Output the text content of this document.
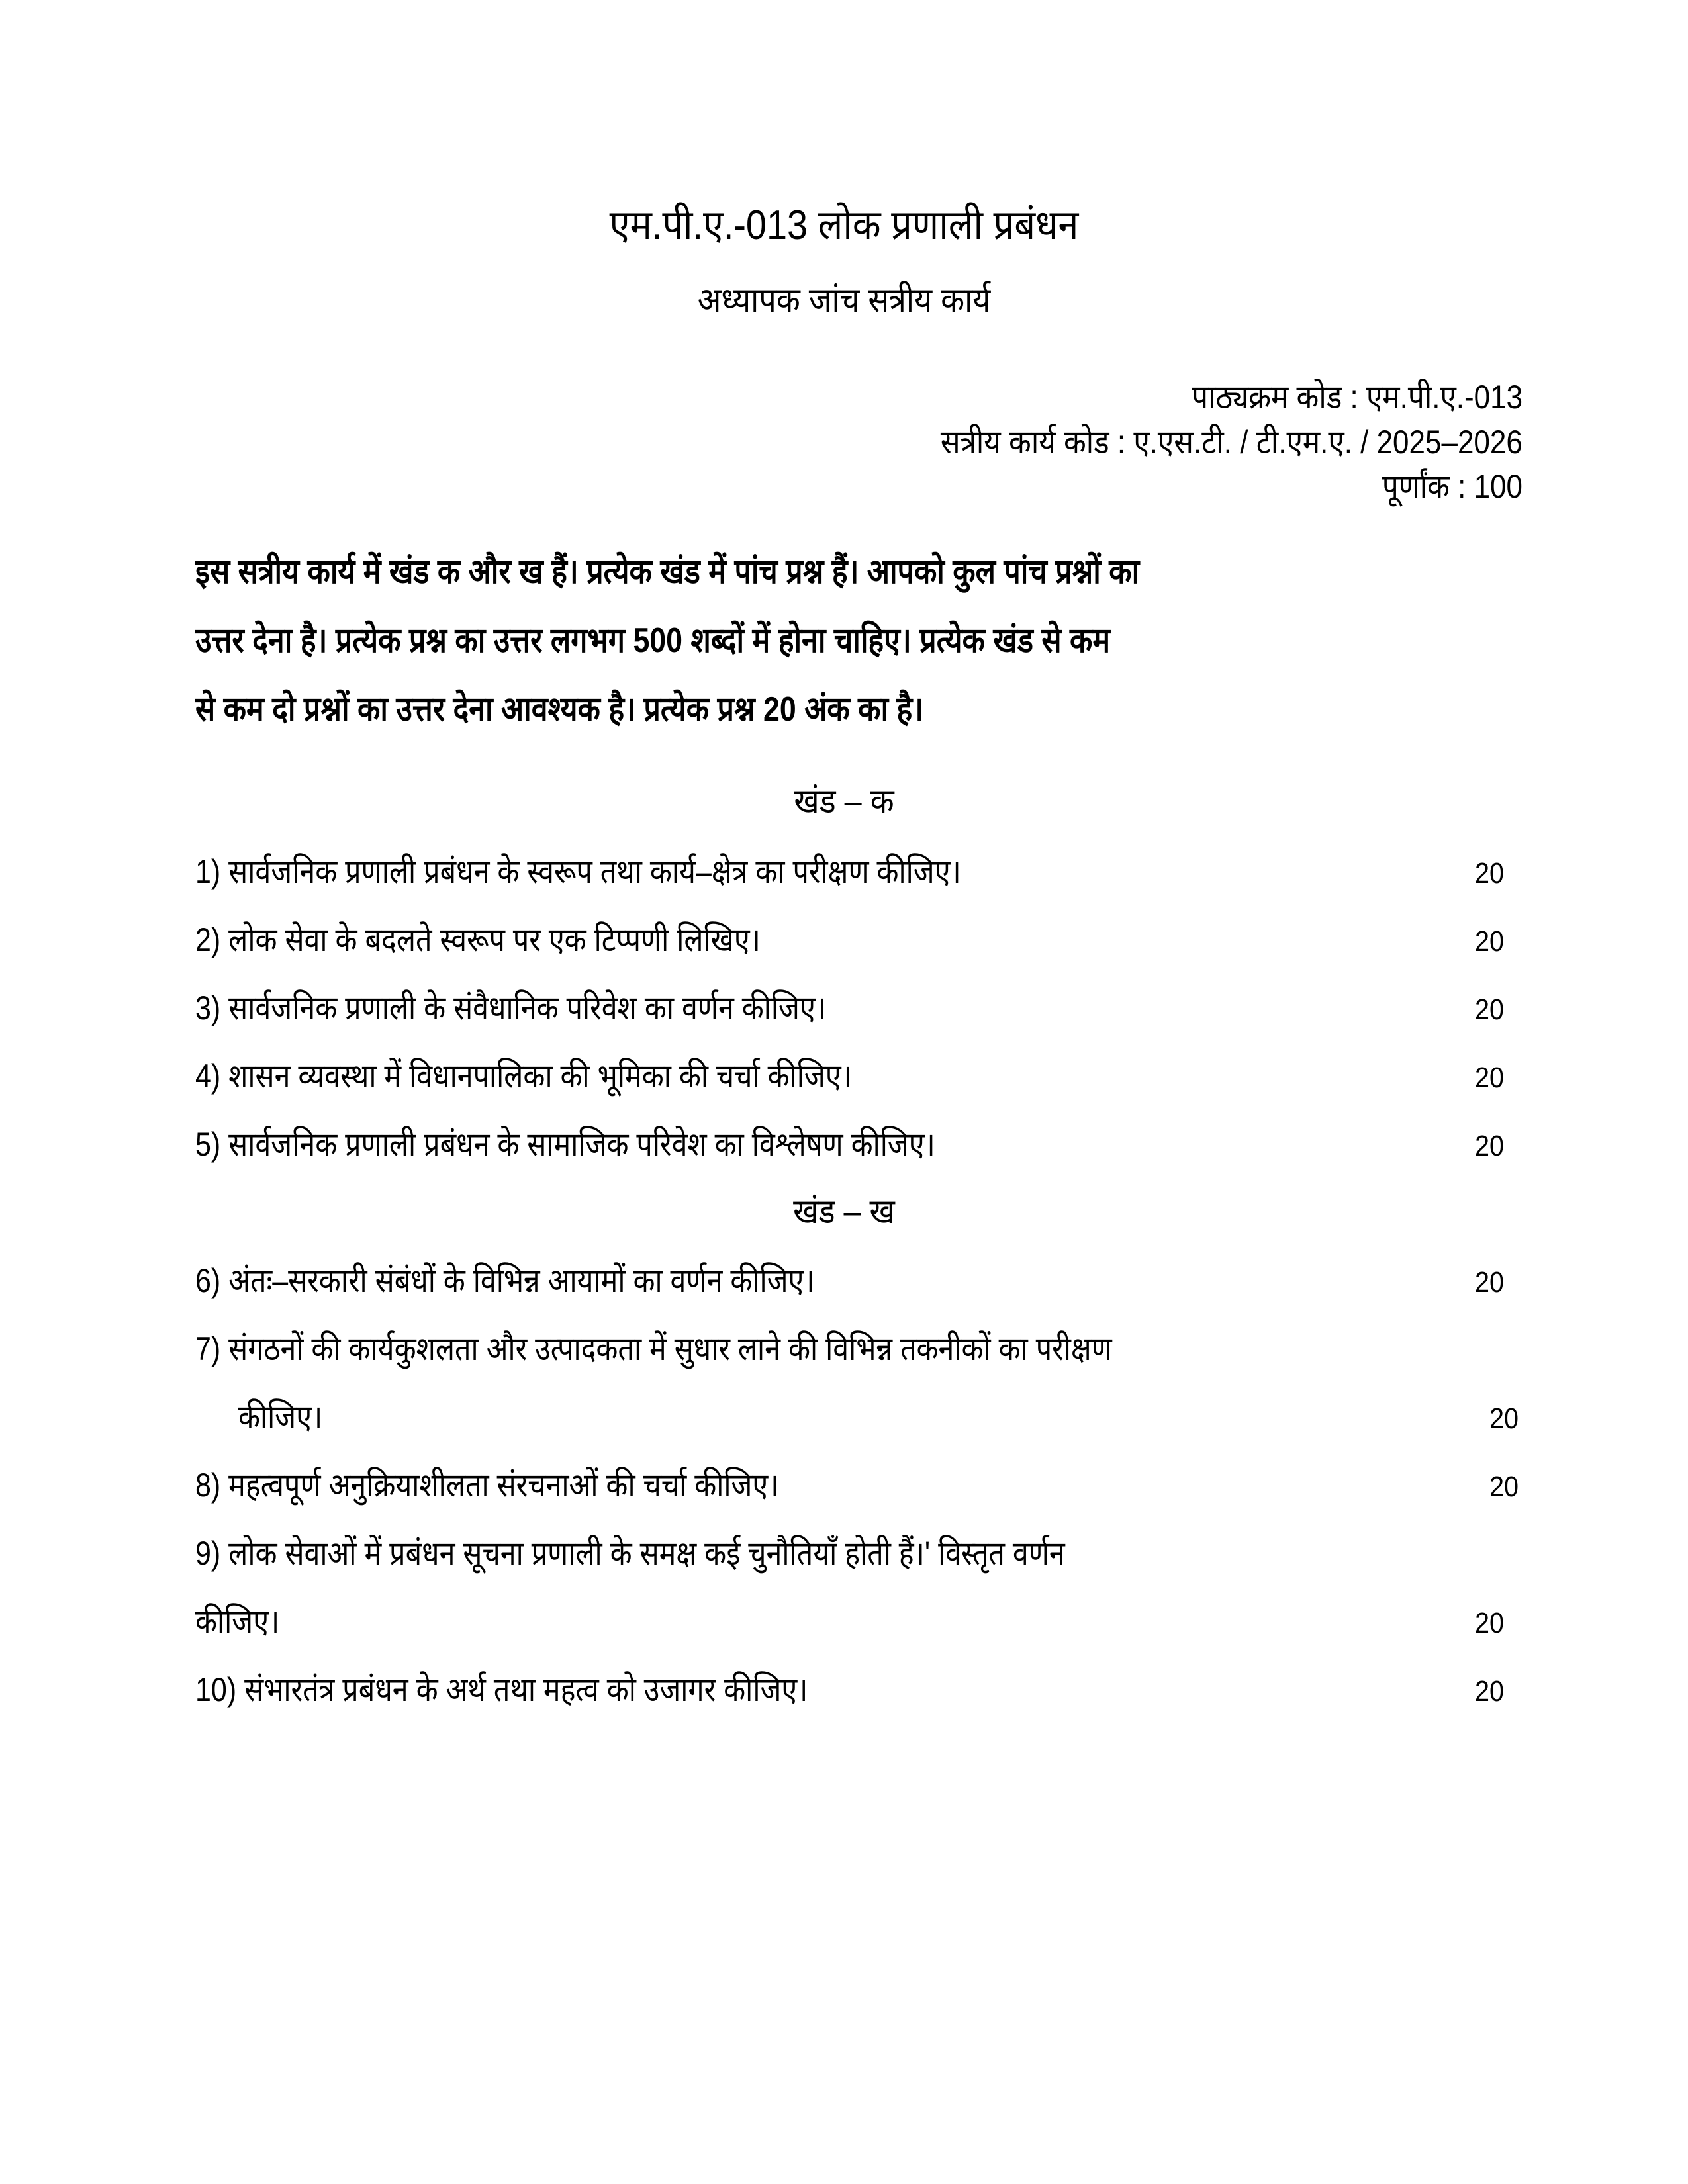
एम.पी.ए.-013 लोक प्रणाली प्रबंधन
अध्यापक जांच सत्रीय कार्य
पाठ्यक्रम कोड : एम.पी.ए.-013
सत्रीय कार्य कोड : ए.एस.टी. / टी.एम.ए. / 2025–2026
पूर्णांक : 100
इस सत्रीय कार्य में खंड क और ख हैं। प्रत्येक खंड में पांच प्रश्न हैं। आपको कुल पांच प्रश्नों का
उत्तर देना है। प्रत्येक प्रश्न का उत्तर लगभग 500 शब्दों में होना चाहिए। प्रत्येक खंड से कम
से कम दो प्रश्नों का उत्तर देना आवश्यक है। प्रत्येक प्रश्न 20 अंक का है।
खंड – क
1) सार्वजनिक प्रणाली प्रबंधन के स्वरूप तथा कार्य–क्षेत्र का परीक्षण कीजिए।	20
2) लोक सेवा के बदलते स्वरूप पर एक टिप्पणी लिखिए।	20
3) सार्वजनिक प्रणाली के संवैधानिक परिवेश का वर्णन कीजिए।	20
4) शासन व्यवस्था में विधानपालिका की भूमिका की चर्चा कीजिए।	20
5) सार्वजनिक प्रणाली प्रबंधन के सामाजिक परिवेश का विश्लेषण कीजिए।	20
खंड – ख
6) अंतः–सरकारी संबंधों के विभिन्न आयामों का वर्णन कीजिए।	20
7) संगठनों की कार्यकुशलता और उत्पादकता में सुधार लाने की विभिन्न तकनीकों का परीक्षण
कीजिए।	20
8) महत्वपूर्ण अनुक्रियाशीलता संरचनाओं की चर्चा कीजिए।	20
9) लोक सेवाओं में प्रबंधन सूचना प्रणाली के समक्ष कई चुनौतियाँ होती हैं।' विस्तृत वर्णन
कीजिए।	20
10) संभारतंत्र प्रबंधन के अर्थ तथा महत्व को उजागर कीजिए।	20
